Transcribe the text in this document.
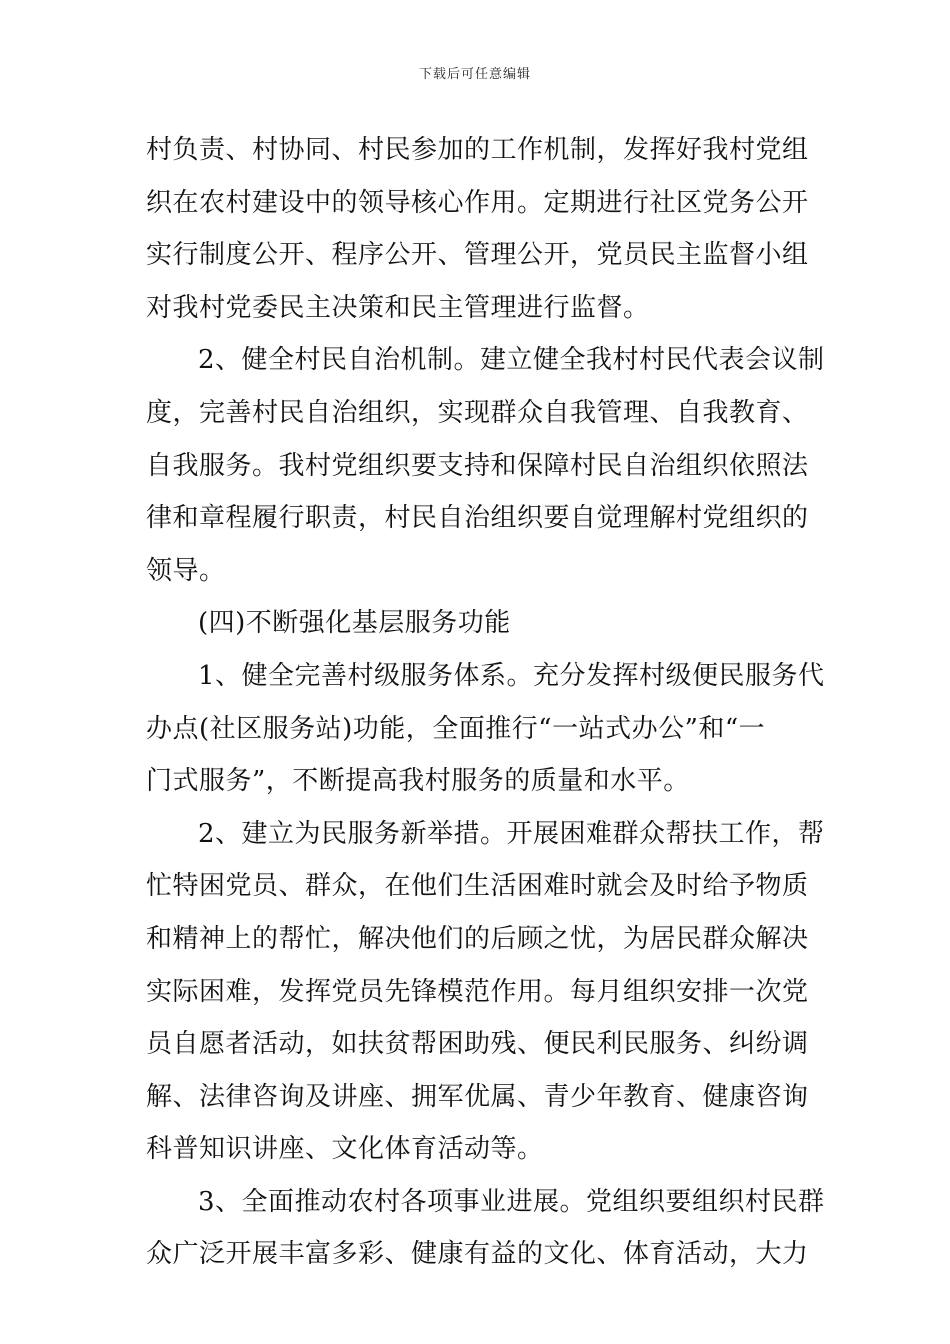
下载后可任意编辑
村负责、村协同、村民参加的工作机制，发挥好我村党组
织在农村建设中的领导核心作用。定期进行社区党务公开
实行制度公开、程序公开、管理公开，党员民主监督小组
对我村党委民主决策和民主管理进行监督。
2、健全村民自治机制。建立健全我村村民代表会议制
度，完善村民自治组织，实现群众自我管理、自我教育、
自我服务。我村党组织要支持和保障村民自治组织依照法
律和章程履行职责，村民自治组织要自觉理解村党组织的
领导。
(四)不断强化基层服务功能
1、健全完善村级服务体系。充分发挥村级便民服务代
办点(社区服务站)功能，全面推行“一站式办公”和“一
门式服务”，不断提高我村服务的质量和水平。
2、建立为民服务新举措。开展困难群众帮扶工作，帮
忙特困党员、群众，在他们生活困难时就会及时给予物质
和精神上的帮忙，解决他们的后顾之忧，为居民群众解决
实际困难，发挥党员先锋模范作用。每月组织安排一次党
员自愿者活动，如扶贫帮困助残、便民利民服务、纠纷调
解、法律咨询及讲座、拥军优属、青少年教育、健康咨询
科普知识讲座、文化体育活动等。
3、全面推动农村各项事业进展。党组织要组织村民群
众广泛开展丰富多彩、健康有益的文化、体育活动，大力
